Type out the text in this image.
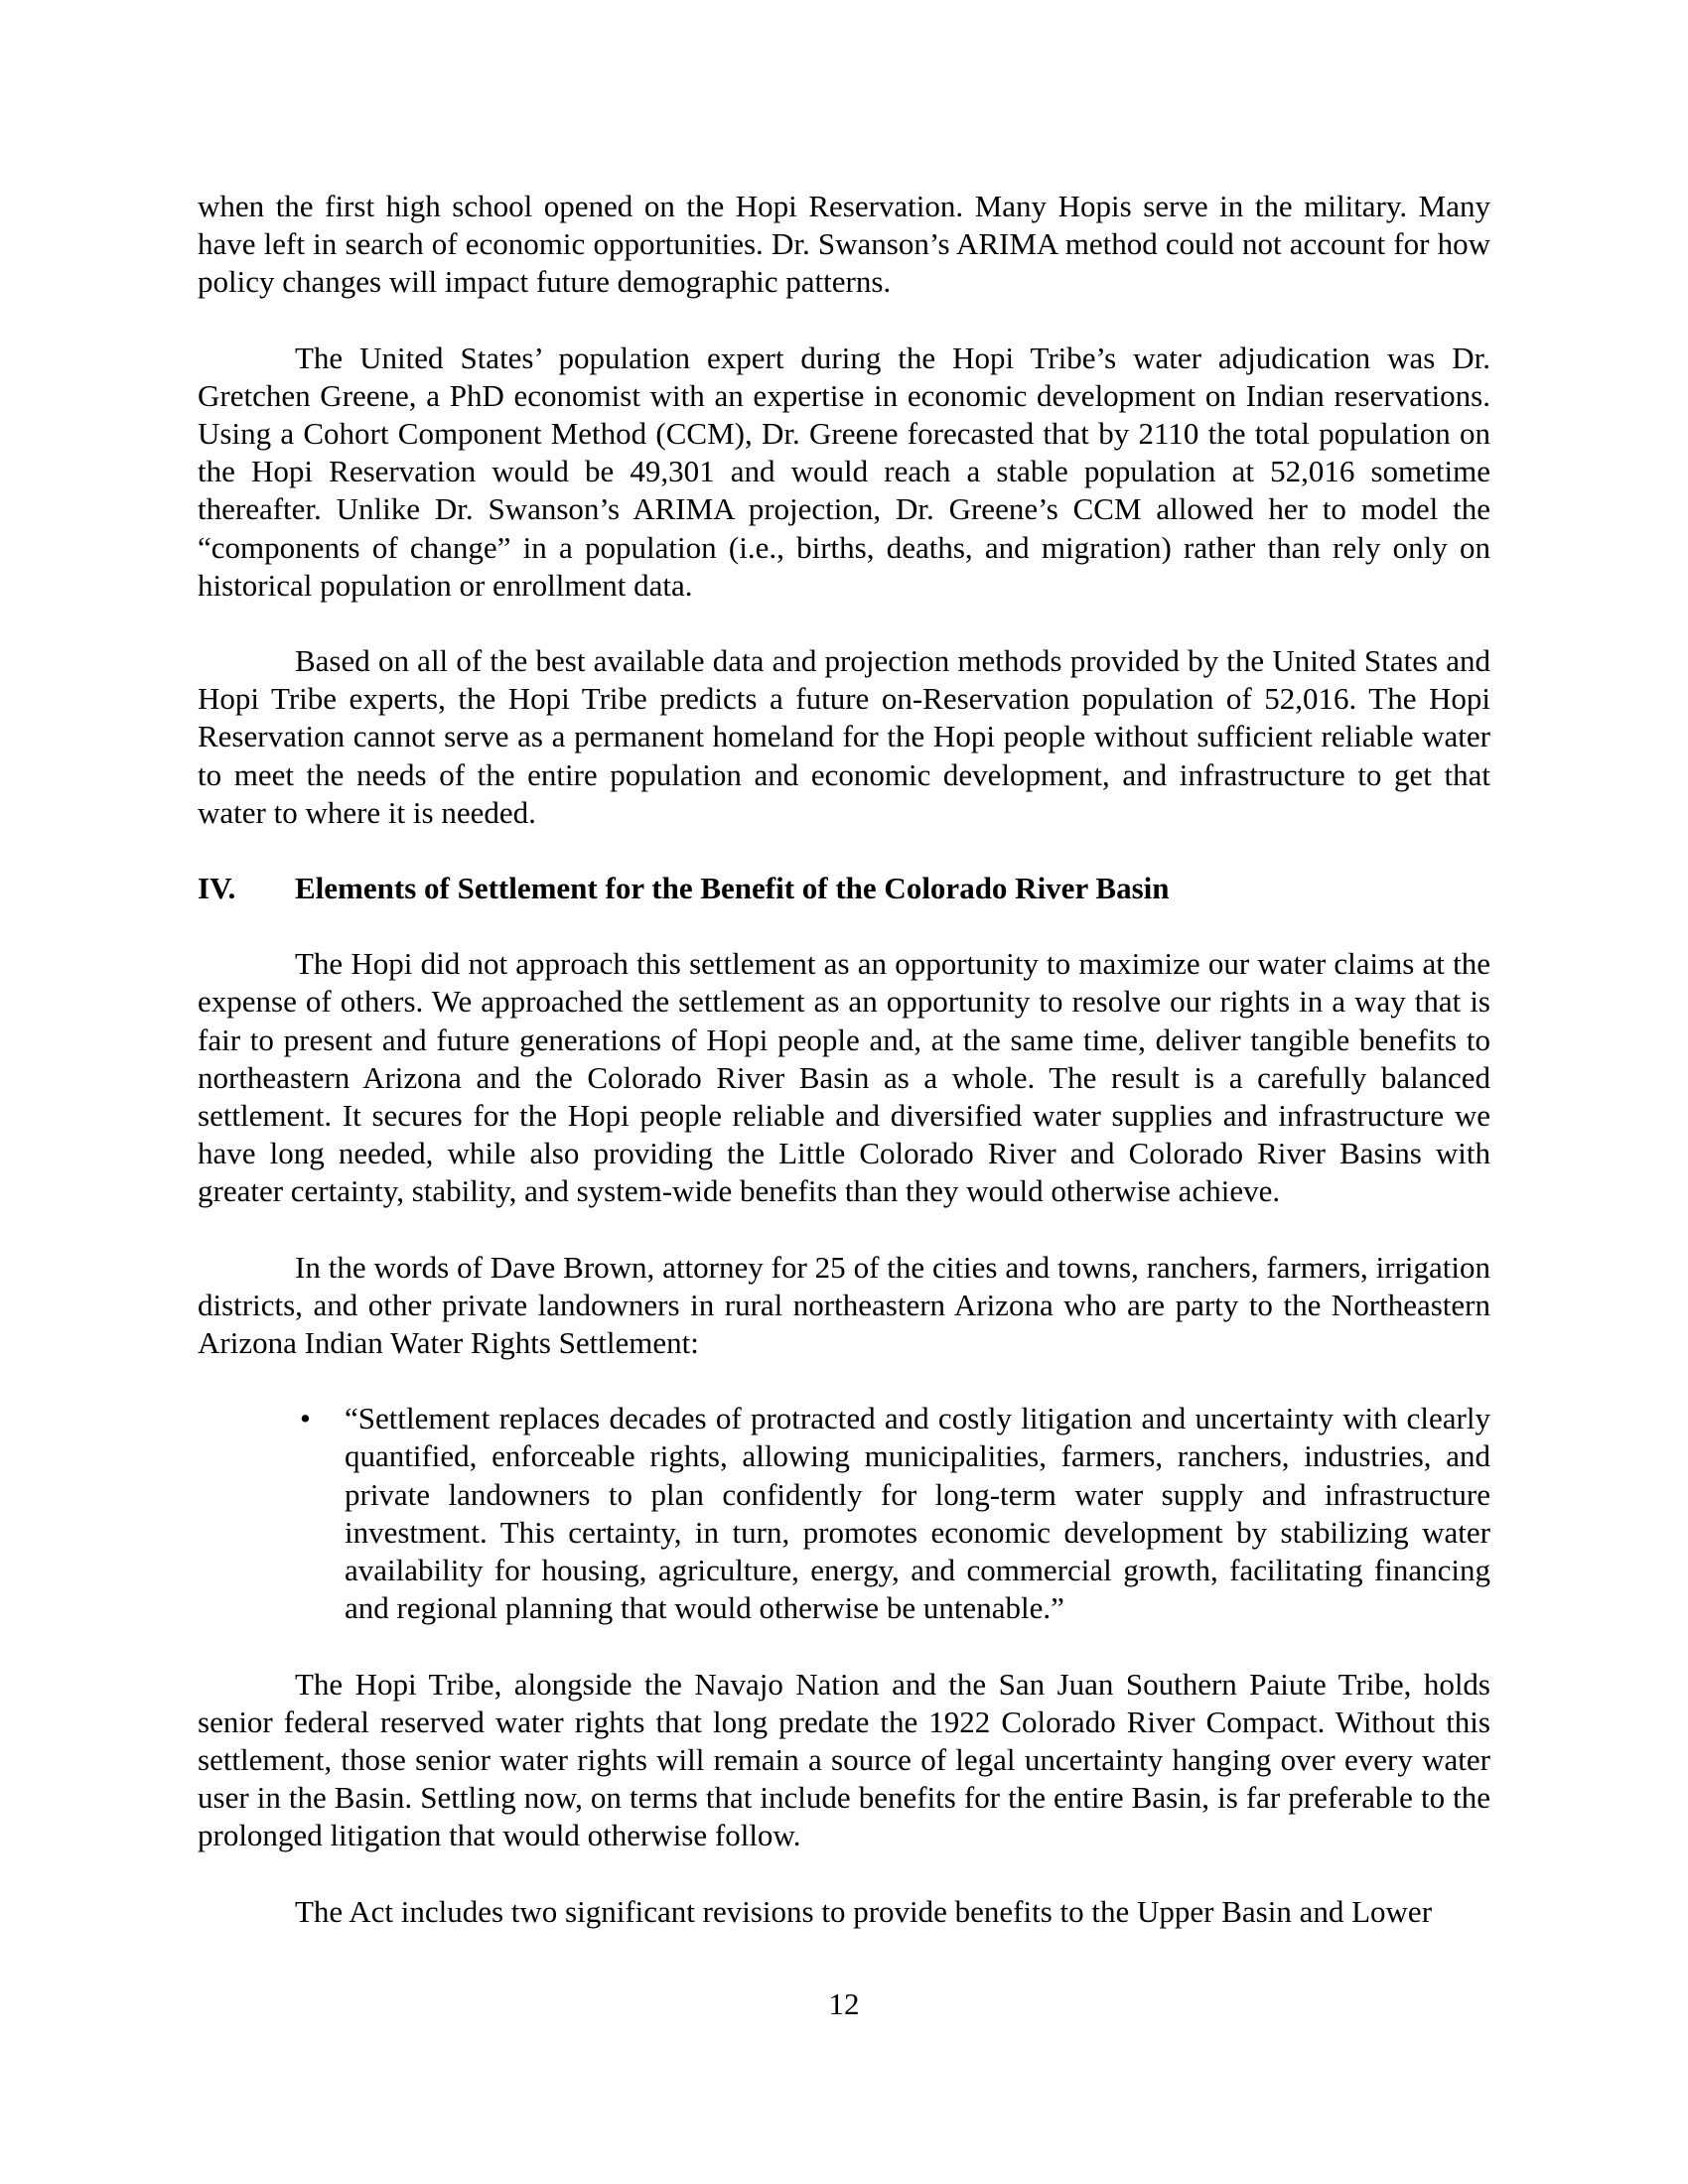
when the first high school opened on the Hopi Reservation. Many Hopis serve in the military. Many have left in search of economic opportunities. Dr. Swanson’s ARIMA method could not account for how policy changes will impact future demographic patterns.

The United States’ population expert during the Hopi Tribe’s water adjudication was Dr. Gretchen Greene, a PhD economist with an expertise in economic development on Indian reservations. Using a Cohort Component Method (CCM), Dr. Greene forecasted that by 2110 the total population on the Hopi Reservation would be 49,301 and would reach a stable population at 52,016 sometime thereafter. Unlike Dr. Swanson’s ARIMA projection, Dr. Greene’s CCM allowed her to model the “components of change” in a population (i.e., births, deaths, and migration) rather than rely only on historical population or enrollment data.

Based on all of the best available data and projection methods provided by the United States and Hopi Tribe experts, the Hopi Tribe predicts a future on-Reservation population of 52,016. The Hopi Reservation cannot serve as a permanent homeland for the Hopi people without sufficient reliable water to meet the needs of the entire population and economic development, and infrastructure to get that water to where it is needed.

IV.	Elements of Settlement for the Benefit of the Colorado River Basin

The Hopi did not approach this settlement as an opportunity to maximize our water claims at the expense of others. We approached the settlement as an opportunity to resolve our rights in a way that is fair to present and future generations of Hopi people and, at the same time, deliver tangible benefits to northeastern Arizona and the Colorado River Basin as a whole. The result is a carefully balanced settlement. It secures for the Hopi people reliable and diversified water supplies and infrastructure we have long needed, while also providing the Little Colorado River and Colorado River Basins with greater certainty, stability, and system-wide benefits than they would otherwise achieve.

In the words of Dave Brown, attorney for 25 of the cities and towns, ranchers, farmers, irrigation districts, and other private landowners in rural northeastern Arizona who are party to the Northeastern Arizona Indian Water Rights Settlement:

• “Settlement replaces decades of protracted and costly litigation and uncertainty with clearly quantified, enforceable rights, allowing municipalities, farmers, ranchers, industries, and private landowners to plan confidently for long-term water supply and infrastructure investment. This certainty, in turn, promotes economic development by stabilizing water availability for housing, agriculture, energy, and commercial growth, facilitating financing and regional planning that would otherwise be untenable.”

The Hopi Tribe, alongside the Navajo Nation and the San Juan Southern Paiute Tribe, holds senior federal reserved water rights that long predate the 1922 Colorado River Compact. Without this settlement, those senior water rights will remain a source of legal uncertainty hanging over every water user in the Basin. Settling now, on terms that include benefits for the entire Basin, is far preferable to the prolonged litigation that would otherwise follow.

The Act includes two significant revisions to provide benefits to the Upper Basin and Lower

12
